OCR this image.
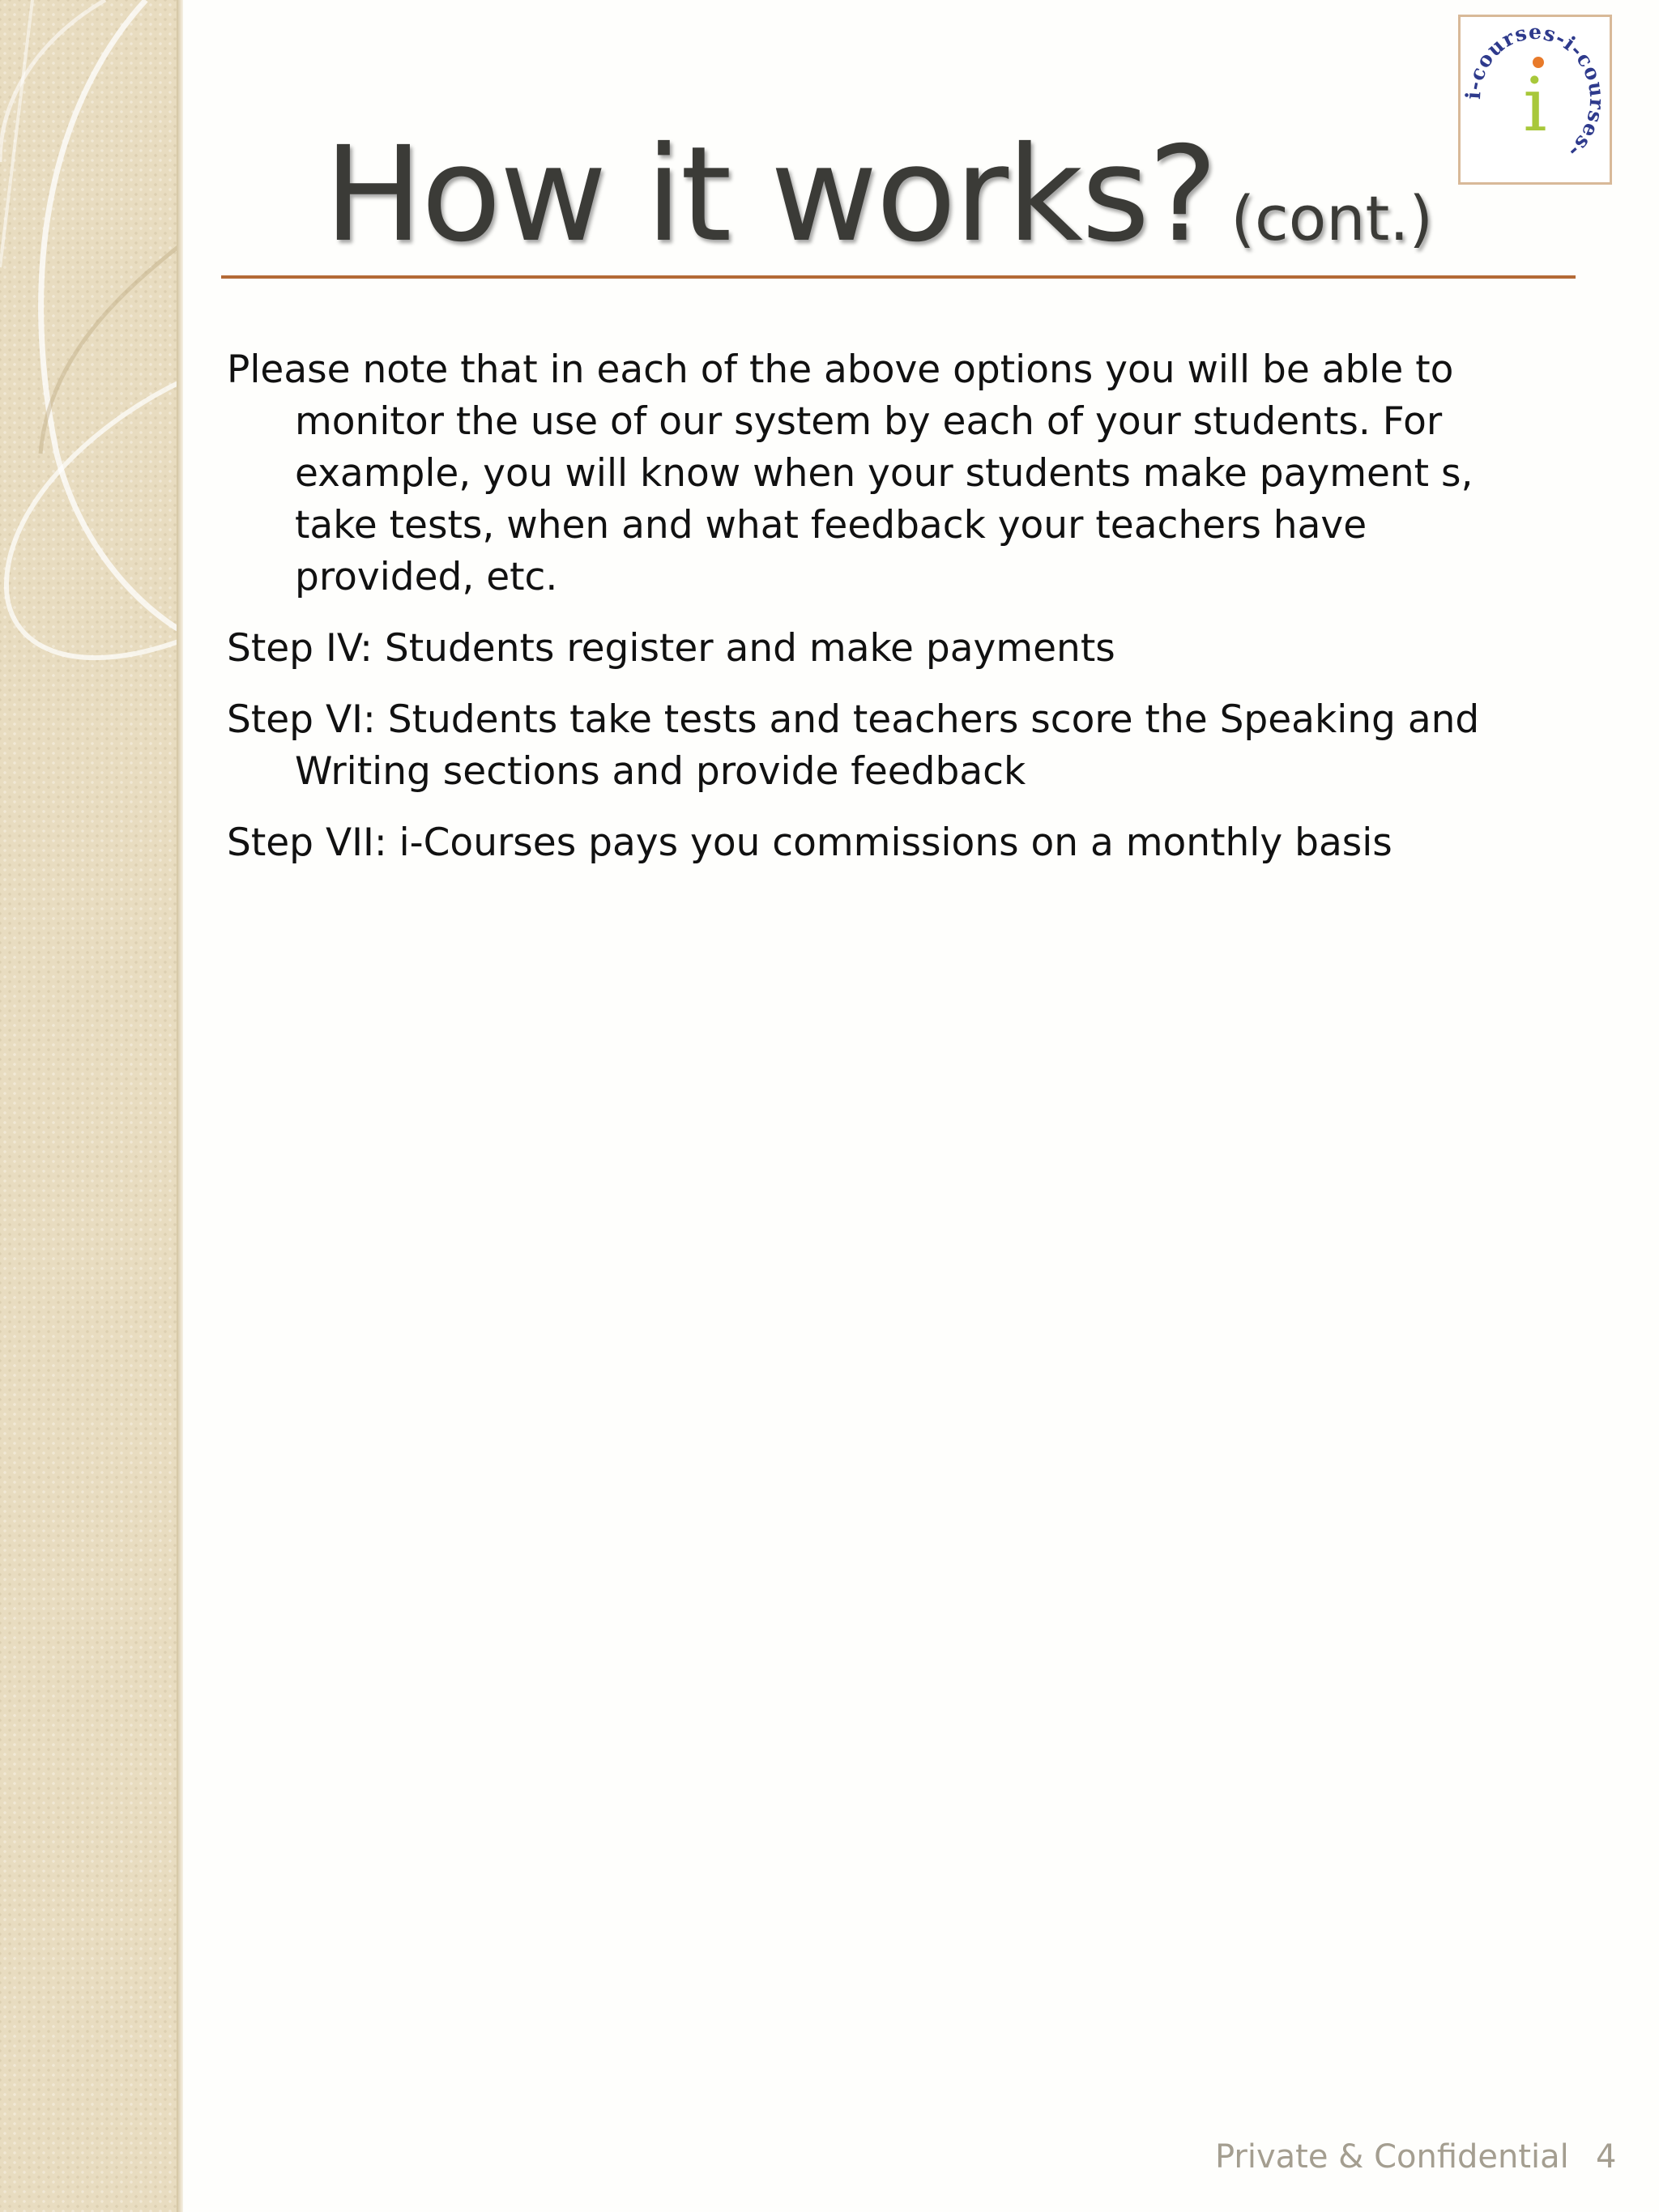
How it works? (cont.)
i-courses-i-courses-
i

Please note that in each of the above options you will be able to monitor the use of our system by each of your students. For example, you will know when your students make payment s, take tests, when and what feedback your teachers have provided, etc.

Step IV: Students register and make payments

Step VI: Students take tests and teachers score the Speaking and Writing sections and provide feedback

Step VII: i-Courses pays you commissions on a monthly basis

Private & Confidential 4
